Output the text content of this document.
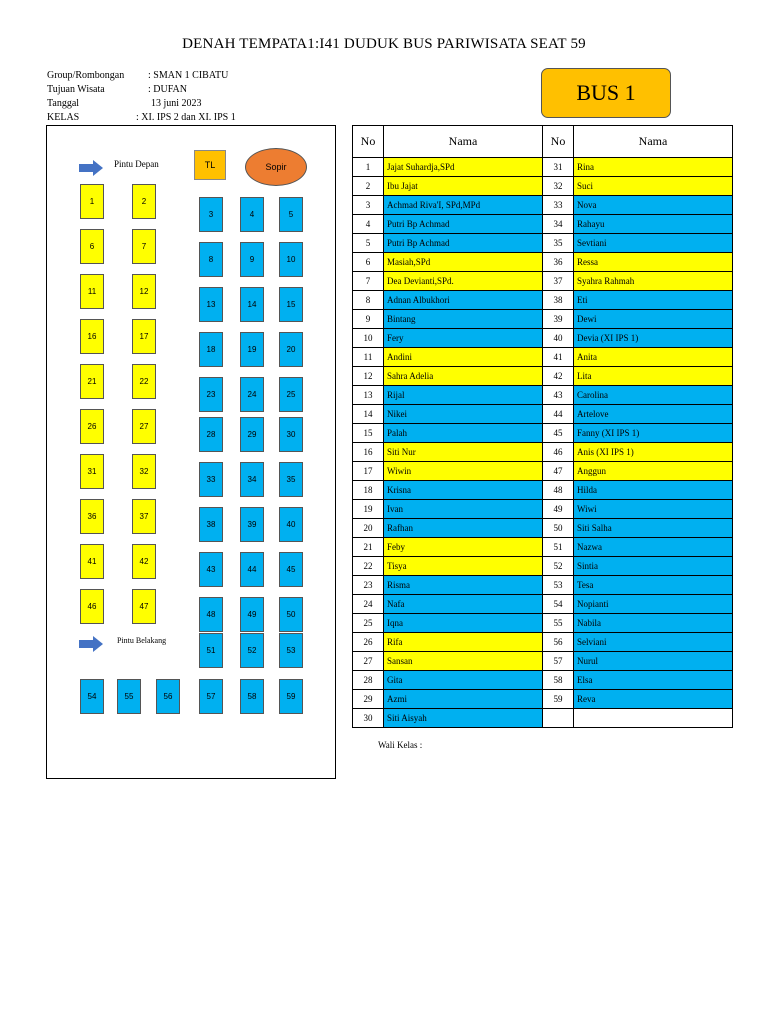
DENAH TEMPATA1:I41 DUDUK BUS PARIWISATA SEAT 59
Group/Rombongan : SMAN 1 CIBATU
Tujuan Wisata	: DUFAN
Tanggal	13 juni 2023
KELAS	: XI. IPS 2 dan XI. IPS 1
BUS 1
Pintu Depan	TL	Sopir
Pintu Belakang
1	2
3	4	5
6	7
8	9	10
11	12
13	14	15
16	17
18	19	20
21	22
23	24	25
26	27
28	29	30
31	32
33	34	35
36	37
38	39	40
41	42
43	44	45
46	47
48	49	50
51	52	53
54	55	56	57	58	59
No	Nama	No	Nama
1	Jajat Suhardja,SPd	31	Rina
2	Ibu Jajat	32	Suci
3	Achmad Riva'I, SPd,MPd	33	Nova
4	Putri Bp Achmad	34	Rahayu
5	Putri Bp Achmad	35	Sevtiani
6	Masiah,SPd	36	Ressa
7	Dea Devianti,SPd.	37	Syahra Rahmah
8	Adnan Albukhori	38	Eti
9	Bintang	39	Dewi
10	Fery	40	Devia (XI IPS 1)
11	Andini	41	Anita
12	Sahra Adelia	42	Lita
13	Rijal	43	Carolina
14	Nikei	44	Artelove
15	Palah	45	Fanny (XI IPS 1)
16	Siti Nur	46	Anis (XI IPS 1)
17	Wiwin	47	Anggun
18	Krisna	48	Hilda
19	Ivan	49	Wiwi
20	Rafhan	50	Siti Salha
21	Feby	51	Nazwa
22	Tisya	52	Sintia
23	Risma	53	Tesa
24	Nafa	54	Nopianti
25	Iqna	55	Nabila
26	Rifa	56	Selviani
27	Sansan	57	Nurul
28	Gita	58	Elsa
29	Azmi	59	Reva
30	Siti Aisyah		
Wali Kelas :
